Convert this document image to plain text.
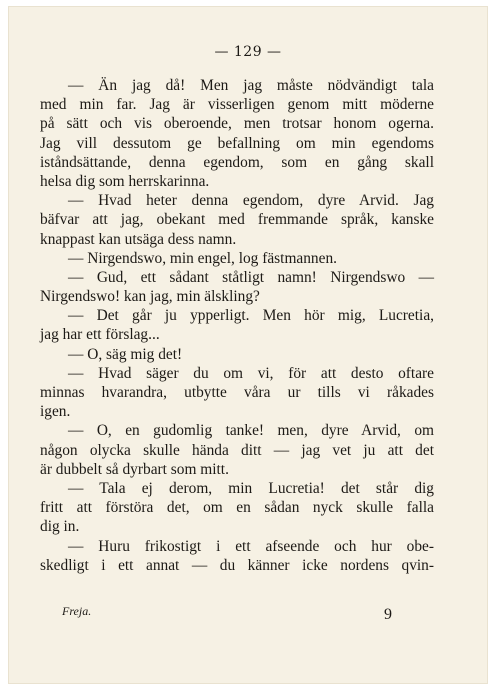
— 129 —
— Än jag då! Men jag måste nödvändigt tala
med min far. Jag är visserligen genom mitt möderne
på sätt och vis oberoende, men trotsar honom ogerna.
Jag vill dessutom ge befallning om min egendoms
iståndsättande, denna egendom, som en gång skall
helsa dig som herrskarinna.
— Hvad heter denna egendom, dyre Arvid. Jag
bäfvar att jag, obekant med fremmande språk, kanske
knappast kan utsäga dess namn.
— Nirgendswo, min engel, log fästmannen.
— Gud, ett sådant ståtligt namn! Nirgendswo —
Nirgendswo! kan jag, min älskling?
— Det går ju ypperligt. Men hör mig, Lucretia,
jag har ett förslag...
— O, säg mig det!
— Hvad säger du om vi, för att desto oftare
minnas hvarandra, utbytte våra ur tills vi råkades
igen.
— O, en gudomlig tanke! men, dyre Arvid, om
någon olycka skulle hända ditt — jag vet ju att det
är dubbelt så dyrbart som mitt.
— Tala ej derom, min Lucretia! det står dig
fritt att förstöra det, om en sådan nyck skulle falla
dig in.
— Huru frikostigt i ett afseende och hur obe-
skedligt i ett annat — du känner icke nordens qvin-
Freja.	9
